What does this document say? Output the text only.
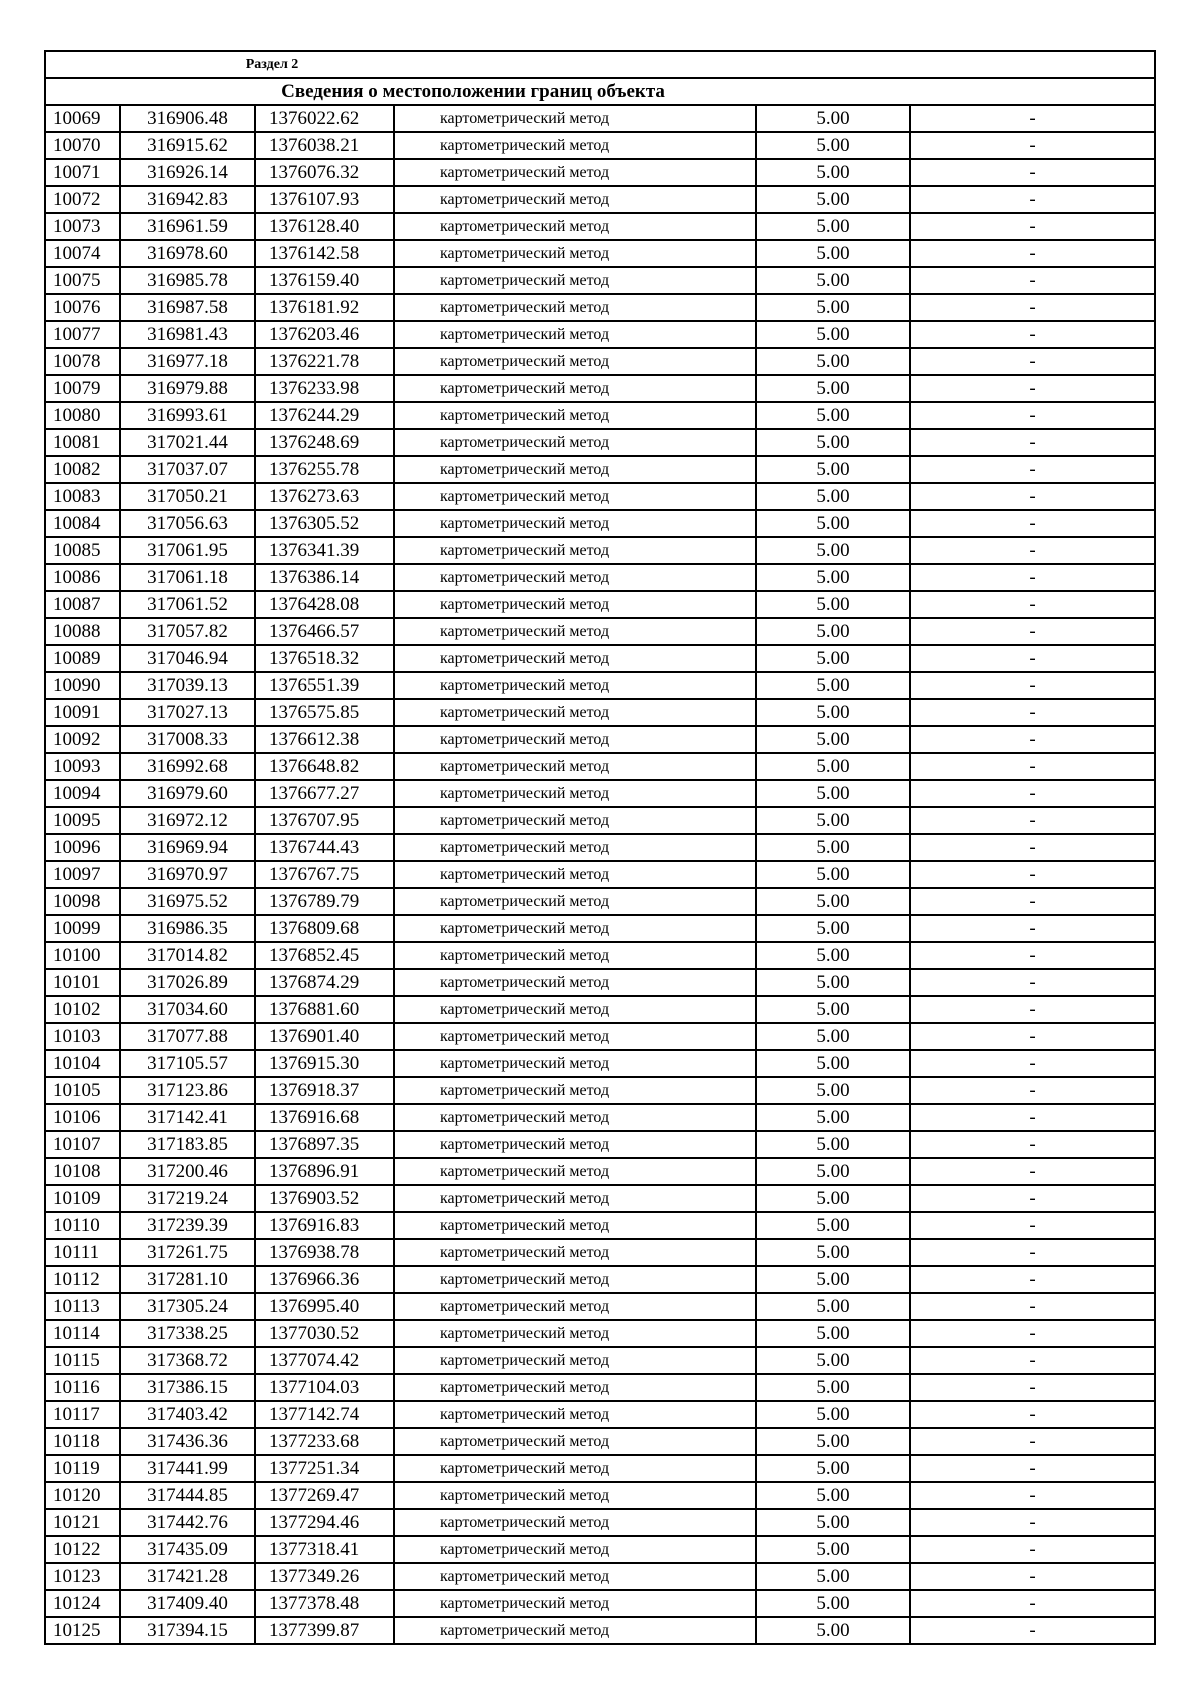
Раздел 2					
Сведения о местоположении границ объекта					
10069	316906.48	1376022.62	картометрический метод	5.00	-
10070	316915.62	1376038.21	картометрический метод	5.00	-
10071	316926.14	1376076.32	картометрический метод	5.00	-
10072	316942.83	1376107.93	картометрический метод	5.00	-
10073	316961.59	1376128.40	картометрический метод	5.00	-
10074	316978.60	1376142.58	картометрический метод	5.00	-
10075	316985.78	1376159.40	картометрический метод	5.00	-
10076	316987.58	1376181.92	картометрический метод	5.00	-
10077	316981.43	1376203.46	картометрический метод	5.00	-
10078	316977.18	1376221.78	картометрический метод	5.00	-
10079	316979.88	1376233.98	картометрический метод	5.00	-
10080	316993.61	1376244.29	картометрический метод	5.00	-
10081	317021.44	1376248.69	картометрический метод	5.00	-
10082	317037.07	1376255.78	картометрический метод	5.00	-
10083	317050.21	1376273.63	картометрический метод	5.00	-
10084	317056.63	1376305.52	картометрический метод	5.00	-
10085	317061.95	1376341.39	картометрический метод	5.00	-
10086	317061.18	1376386.14	картометрический метод	5.00	-
10087	317061.52	1376428.08	картометрический метод	5.00	-
10088	317057.82	1376466.57	картометрический метод	5.00	-
10089	317046.94	1376518.32	картометрический метод	5.00	-
10090	317039.13	1376551.39	картометрический метод	5.00	-
10091	317027.13	1376575.85	картометрический метод	5.00	-
10092	317008.33	1376612.38	картометрический метод	5.00	-
10093	316992.68	1376648.82	картометрический метод	5.00	-
10094	316979.60	1376677.27	картометрический метод	5.00	-
10095	316972.12	1376707.95	картометрический метод	5.00	-
10096	316969.94	1376744.43	картометрический метод	5.00	-
10097	316970.97	1376767.75	картометрический метод	5.00	-
10098	316975.52	1376789.79	картометрический метод	5.00	-
10099	316986.35	1376809.68	картометрический метод	5.00	-
10100	317014.82	1376852.45	картометрический метод	5.00	-
10101	317026.89	1376874.29	картометрический метод	5.00	-
10102	317034.60	1376881.60	картометрический метод	5.00	-
10103	317077.88	1376901.40	картометрический метод	5.00	-
10104	317105.57	1376915.30	картометрический метод	5.00	-
10105	317123.86	1376918.37	картометрический метод	5.00	-
10106	317142.41	1376916.68	картометрический метод	5.00	-
10107	317183.85	1376897.35	картометрический метод	5.00	-
10108	317200.46	1376896.91	картометрический метод	5.00	-
10109	317219.24	1376903.52	картометрический метод	5.00	-
10110	317239.39	1376916.83	картометрический метод	5.00	-
10111	317261.75	1376938.78	картометрический метод	5.00	-
10112	317281.10	1376966.36	картометрический метод	5.00	-
10113	317305.24	1376995.40	картометрический метод	5.00	-
10114	317338.25	1377030.52	картометрический метод	5.00	-
10115	317368.72	1377074.42	картометрический метод	5.00	-
10116	317386.15	1377104.03	картометрический метод	5.00	-
10117	317403.42	1377142.74	картометрический метод	5.00	-
10118	317436.36	1377233.68	картометрический метод	5.00	-
10119	317441.99	1377251.34	картометрический метод	5.00	-
10120	317444.85	1377269.47	картометрический метод	5.00	-
10121	317442.76	1377294.46	картометрический метод	5.00	-
10122	317435.09	1377318.41	картометрический метод	5.00	-
10123	317421.28	1377349.26	картометрический метод	5.00	-
10124	317409.40	1377378.48	картометрический метод	5.00	-
10125	317394.15	1377399.87	картометрический метод	5.00	-
